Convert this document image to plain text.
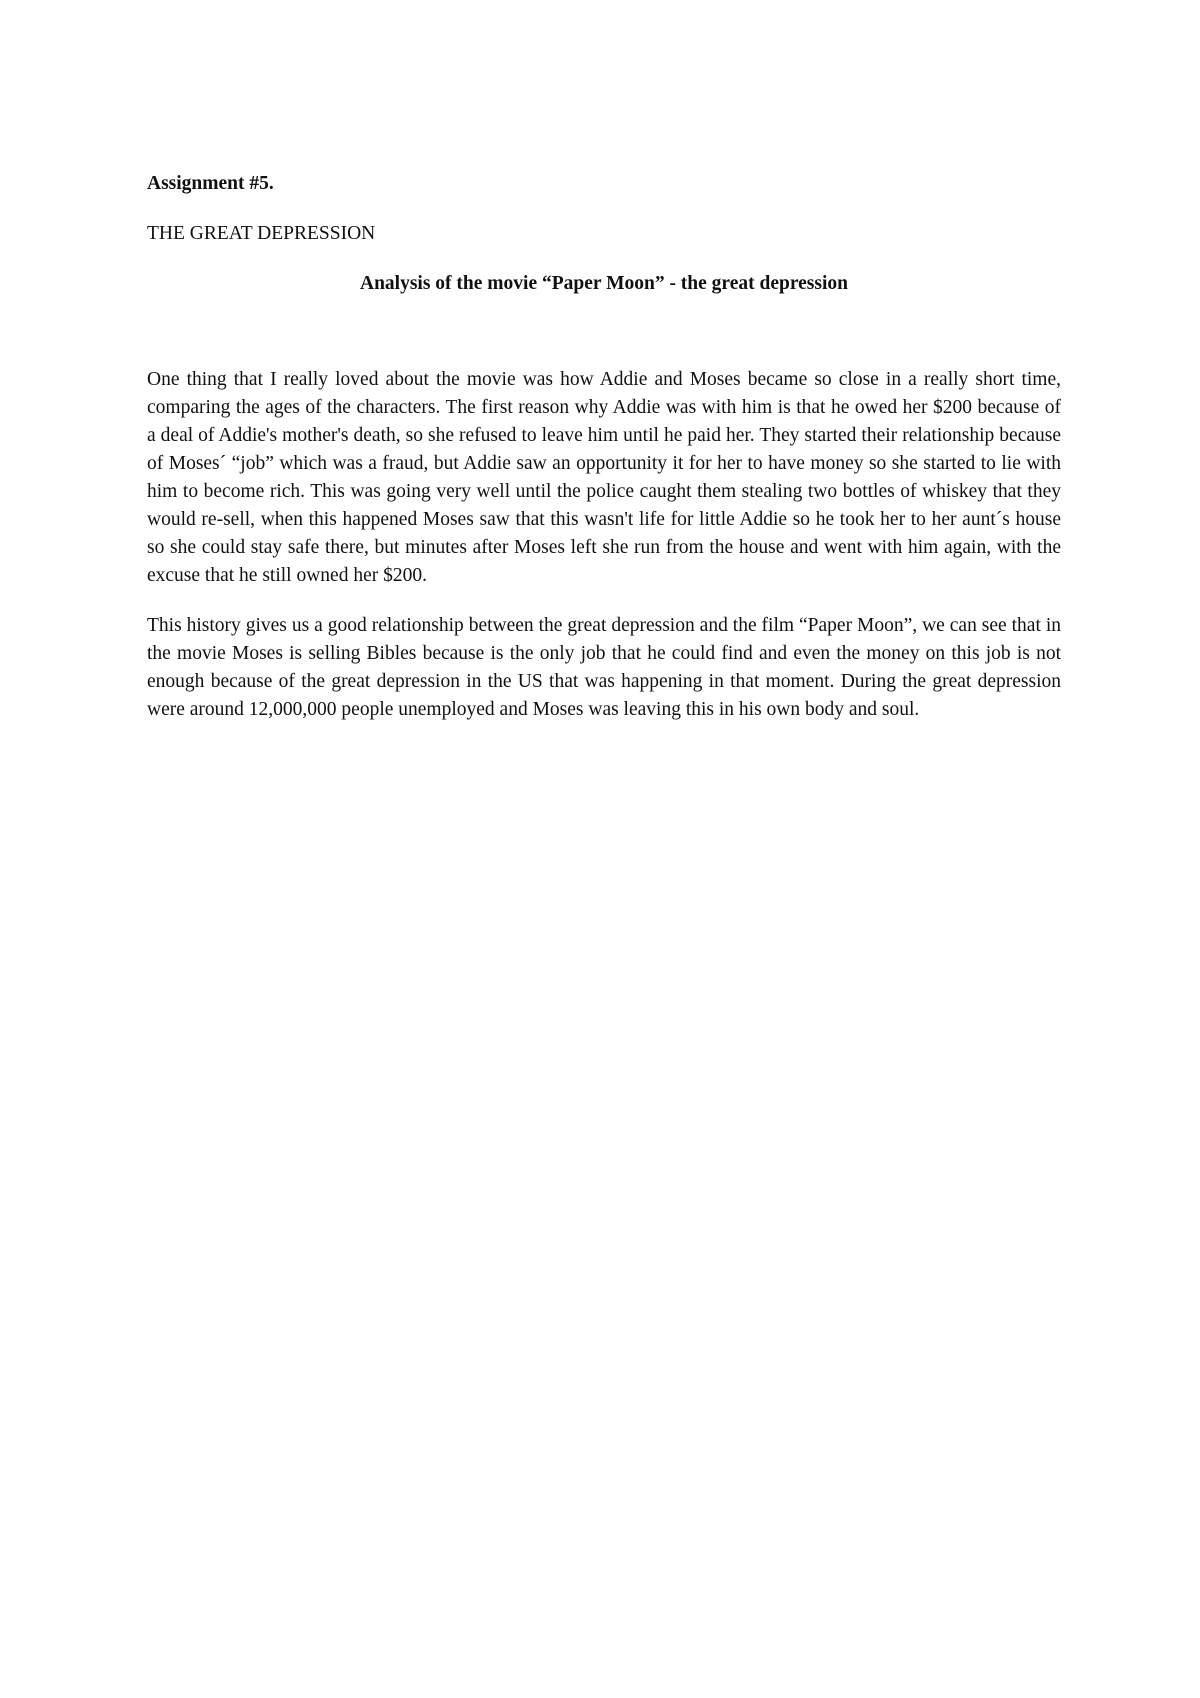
Assignment #5.

THE GREAT DEPRESSION

Analysis of the movie “Paper Moon” - the great depression

One thing that I really loved about the movie was how Addie and Moses became so close in a really short time, comparing the ages of the characters. The first reason why Addie was with him is that he owed her $200 because of a deal of Addie's mother's death, so she refused to leave him until he paid her. They started their relationship because of Moses´ “job” which was a fraud, but Addie saw an opportunity it for her to have money so she started to lie with him to become rich. This was going very well until the police caught them stealing two bottles of whiskey that they would re-sell, when this happened Moses saw that this wasn't life for little Addie so he took her to her aunt´s house so she could stay safe there, but minutes after Moses left she run from the house and went with him again, with the excuse that he still owned her $200.

This history gives us a good relationship between the great depression and the film “Paper Moon”, we can see that in the movie Moses is selling Bibles because is the only job that he could find and even the money on this job is not enough because of the great depression in the US that was happening in that moment. During the great depression were around 12,000,000 people unemployed and Moses was leaving this in his own body and soul.
